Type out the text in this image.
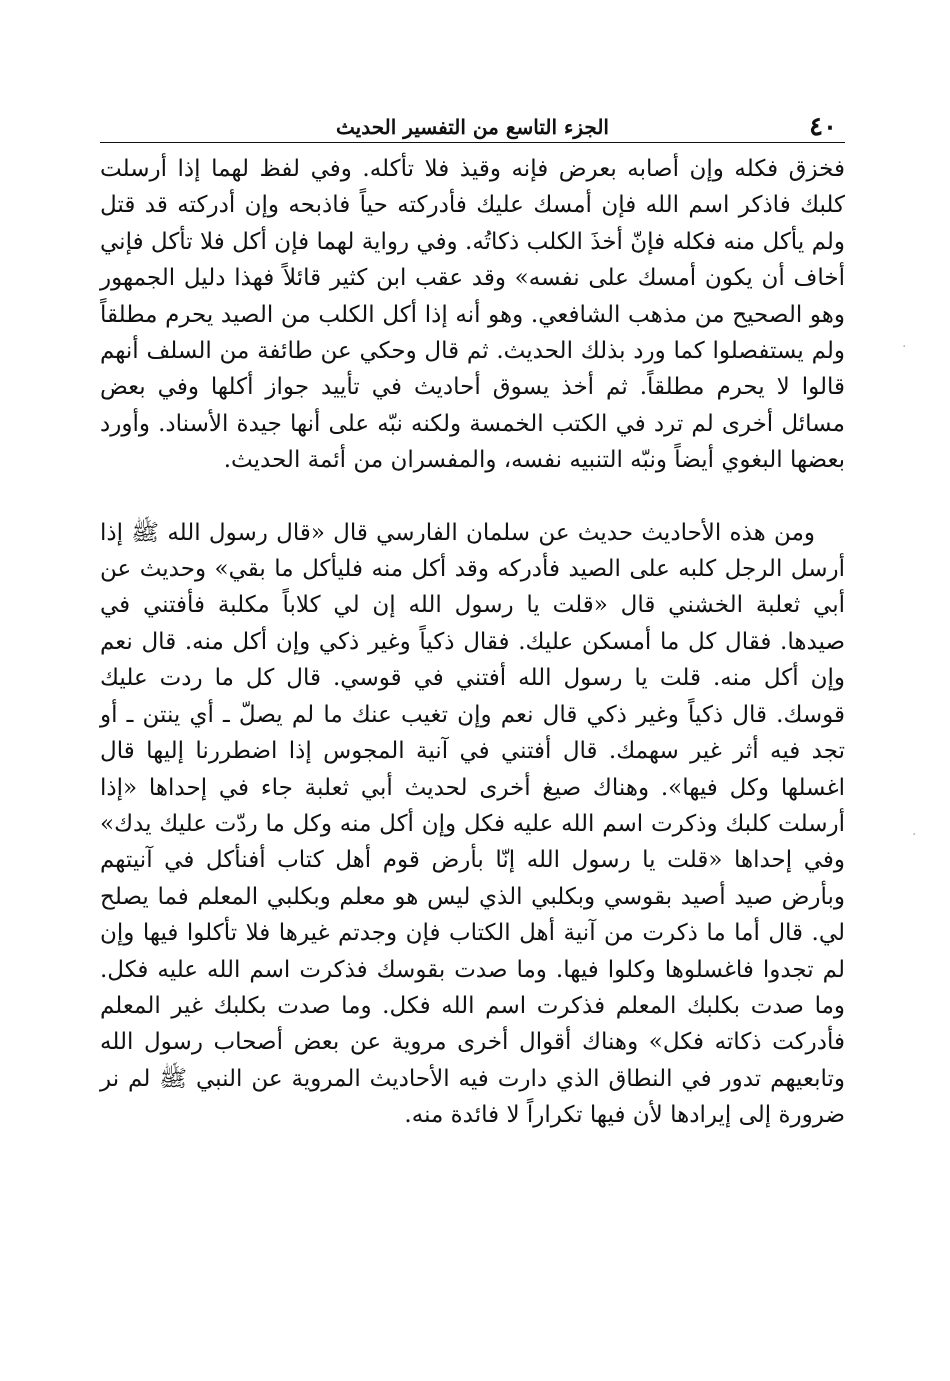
٤٠
الجزء التاسع من التفسير الحديث

فخزق فكله وإن أصابه بعرض فإنه وقيذ فلا تأكله. وفي لفظ لهما إذا أرسلت كلبك فاذكر اسم الله فإن أمسك عليك فأدركته حياً فاذبحه وإن أدركته قد قتل ولم يأكل منه فكله فإنّ أخذَ الكلب ذكاتُه. وفي رواية لهما فإن أكل فلا تأكل فإني أخاف أن يكون أمسك على نفسه» وقد عقب ابن كثير قائلاً فهذا دليل الجمهور وهو الصحيح من مذهب الشافعي. وهو أنه إذا أكل الكلب من الصيد يحرم مطلقاً ولم يستفصلوا كما ورد بذلك الحديث. ثم قال وحكي عن طائفة من السلف أنهم قالوا لا يحرم مطلقاً. ثم أخذ يسوق أحاديث في تأييد جواز أكلها وفي بعض مسائل أخرى لم ترد في الكتب الخمسة ولكنه نبّه على أنها جيدة الأسناد. وأورد بعضها البغوي أيضاً ونبّه التنبيه نفسه، والمفسران من أئمة الحديث.

ومن هذه الأحاديث حديث عن سلمان الفارسي قال «قال رسول الله ﷺ إذا أرسل الرجل كلبه على الصيد فأدركه وقد أكل منه فليأكل ما بقي» وحديث عن أبي ثعلبة الخشني قال «قلت يا رسول الله إن لي كلاباً مكلبة فأفتني في صيدها. فقال كل ما أمسكن عليك. فقال ذكياً وغير ذكي وإن أكل منه. قال نعم وإن أكل منه. قلت يا رسول الله أفتني في قوسي. قال كل ما ردت عليك قوسك. قال ذكياً وغير ذكي قال نعم وإن تغيب عنك ما لم يصلّ ـ أي ينتن ـ أو تجد فيه أثر غير سهمك. قال أفتني في آنية المجوس إذا اضطررنا إليها قال اغسلها وكل فيها». وهناك صيغ أخرى لحديث أبي ثعلبة جاء في إحداها «إذا أرسلت كلبك وذكرت اسم الله عليه فكل وإن أكل منه وكل ما ردّت عليك يدك» وفي إحداها «قلت يا رسول الله إنّا بأرض قوم أهل كتاب أفنأكل في آنيتهم وبأرض صيد أصيد بقوسي وبكلبي الذي ليس هو معلم وبكلبي المعلم فما يصلح لي. قال أما ما ذكرت من آنية أهل الكتاب فإن وجدتم غيرها فلا تأكلوا فيها وإن لم تجدوا فاغسلوها وكلوا فيها. وما صدت بقوسك فذكرت اسم الله عليه فكل. وما صدت بكلبك المعلم فذكرت اسم الله فكل. وما صدت بكلبك غير المعلم فأدركت ذكاته فكل» وهناك أقوال أخرى مروية عن بعض أصحاب رسول الله وتابعيهم تدور في النطاق الذي دارت فيه الأحاديث المروية عن النبي ﷺ لم نر ضرورة إلى إيرادها لأن فيها تكراراً لا فائدة منه.

·
·
